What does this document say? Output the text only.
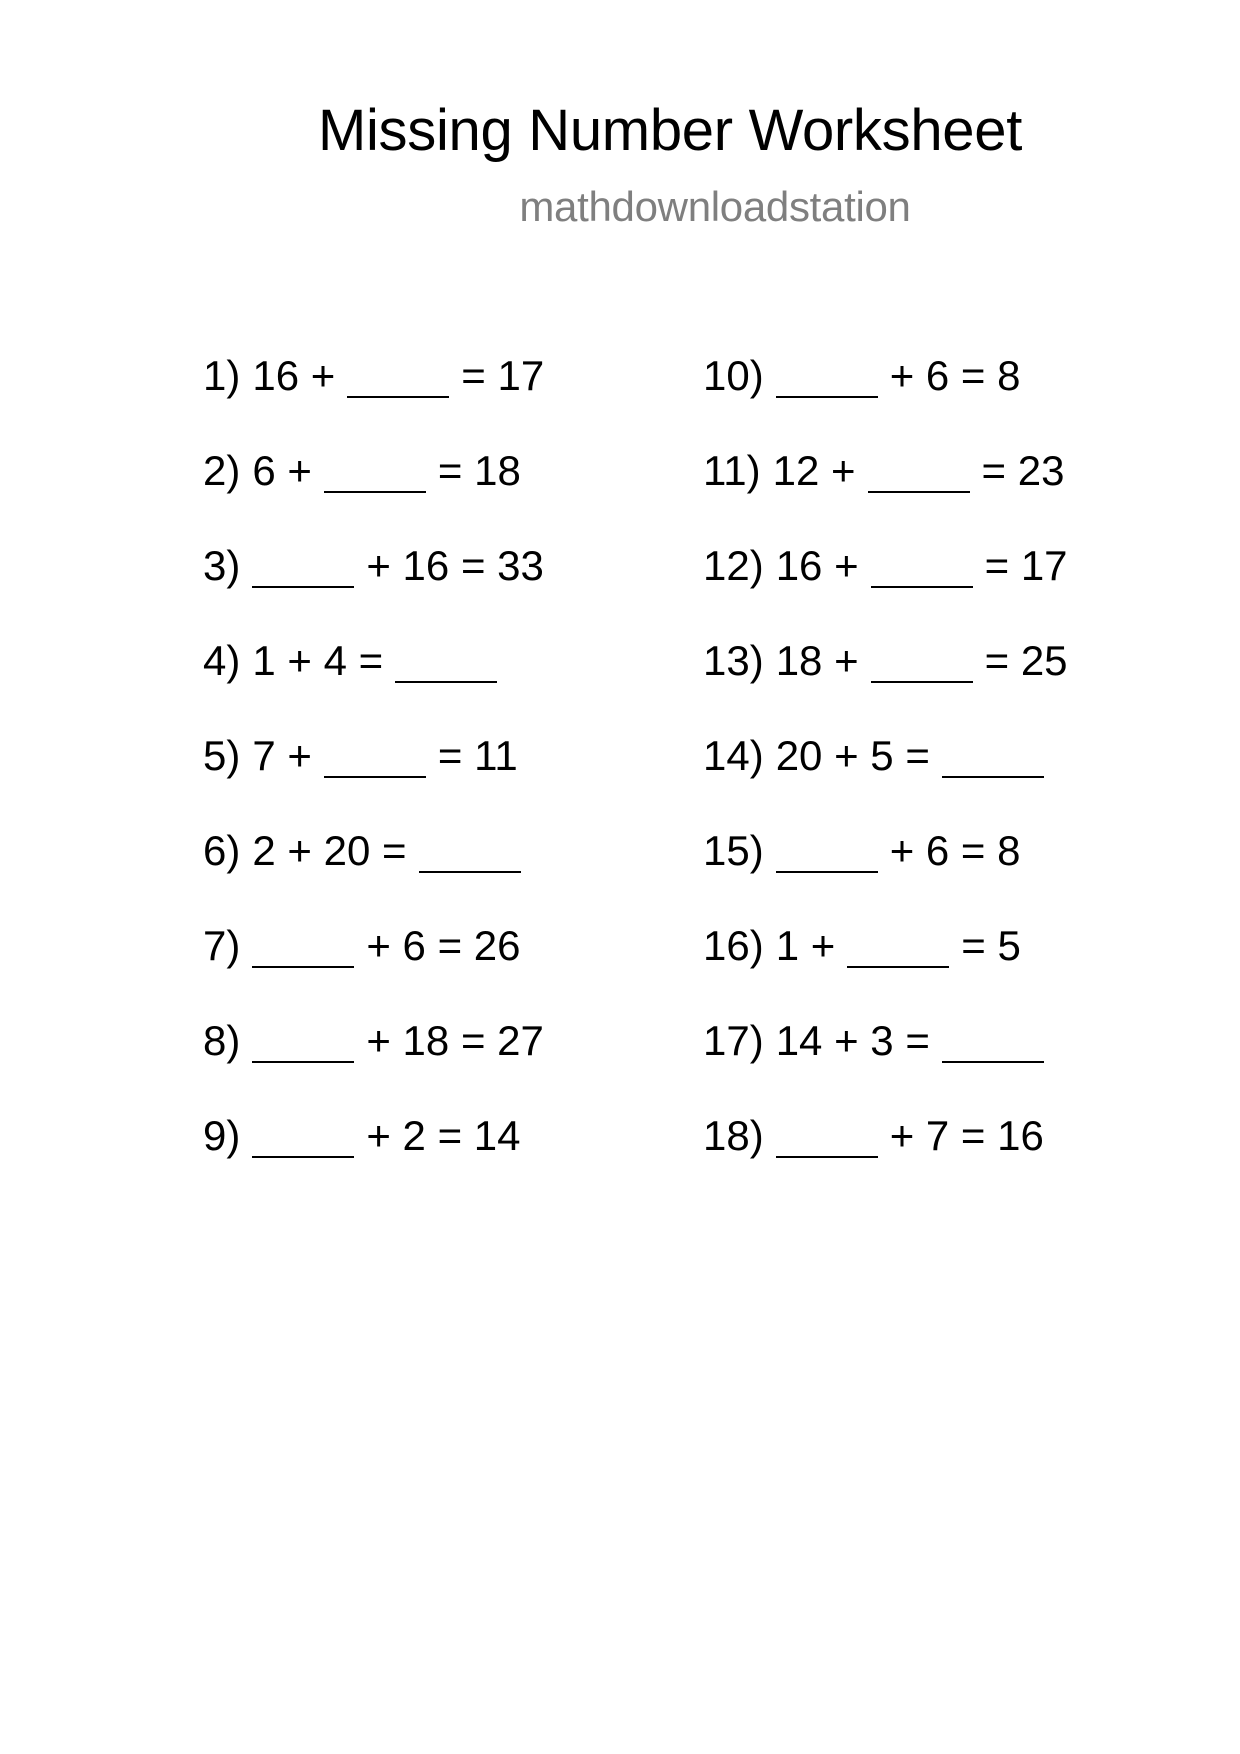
Missing Number Worksheet
mathdownloadstation
1) 16 +	= 17
2) 6 +	= 18
3)	+ 16 = 33
4) 1 + 4 =
5) 7 +	= 11
6) 2 + 20 =
7)	+ 6 = 26
8)	+ 18 = 27
9)	+ 2 = 14
10)	+ 6 = 8
11) 12 +	= 23
12) 16 +	= 17
13) 18 +	= 25
14) 20 + 5 =
15)	+ 6 = 8
16) 1 +	= 5
17) 14 + 3 =
18)	+ 7 = 16
